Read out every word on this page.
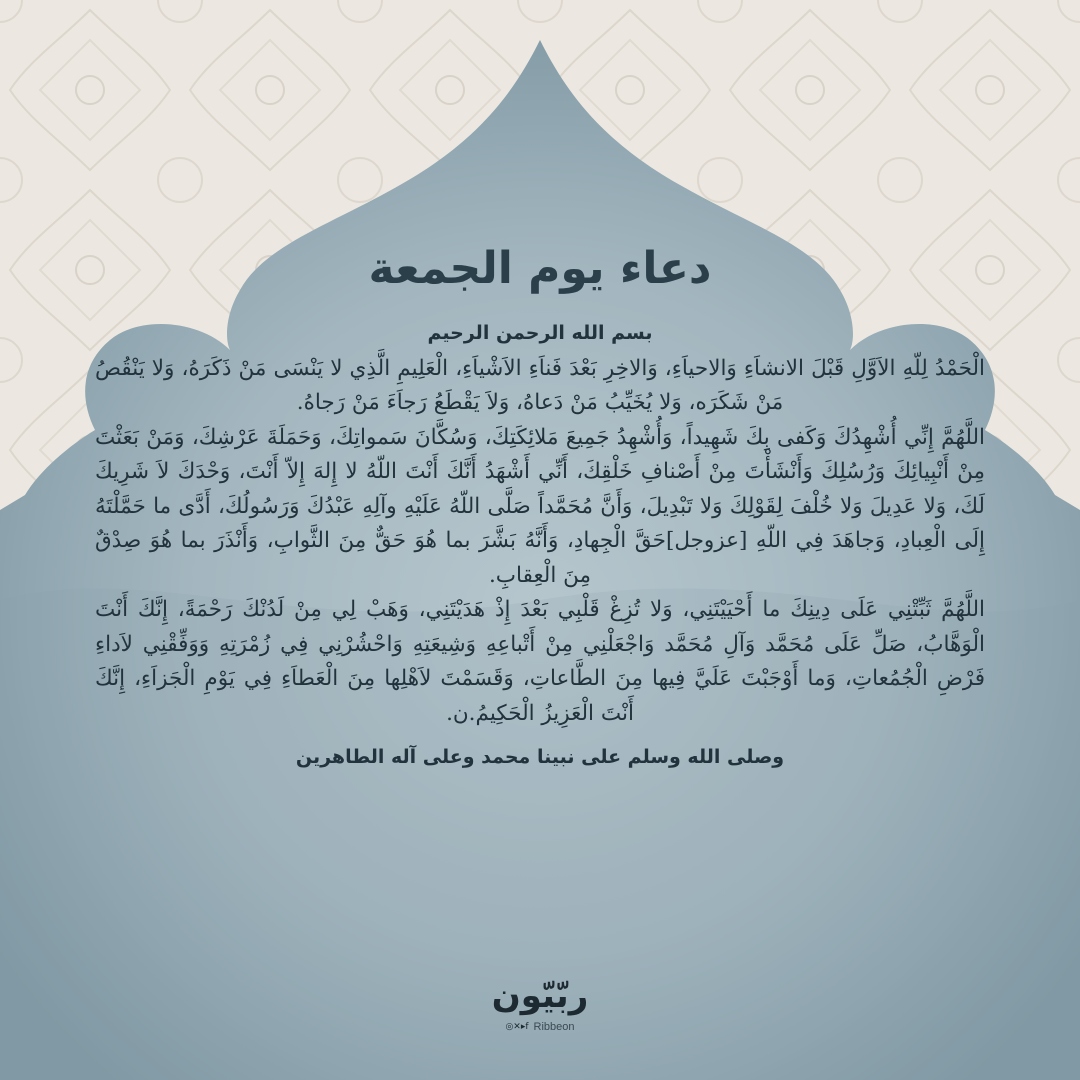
دعاء يوم الجمعة
بسم الله الرحمن الرحيم

الْحَمْدُ لِلّهِ الاَوَّلِ قَبْلَ الانشاَءِ وَالاحياَءِ، وَالاخِرِ بَعْدَ فَناَءِ الاَشْياَءِ، الْعَلِيمِ الَّذِي لا يَنْسَى مَنْ ذَكَرَهُ، وَلا يَنْقُصُ مَنْ شَكَرَه، وَلا يُخَيِّبُ مَنْ دَعاهُ، وَلاَ يَقْطَعُ رَجاَءَ مَنْ رَجاهُ.

اللَّهُمَّ إِنِّي أُشْهِدُكَ وَكَفى بِكَ شَهِيداً، وَأُشْهِدُ جَمِيعَ مَلائِكَتِكَ، وَسُكَّانَ سَمواتِكَ، وَحَمَلَةَ عَرْشِكَ، وَمَنْ بَعَثْتَ مِنْ أَنْبِيائِكَ وَرُسُلِكَ وَأَنْشَأْتَ مِنْ أَصْنافِ خَلْقِكَ، أَنِّي أَشْهَدُ أَنَّكَ أَنْتَ اللّهُ لا إِلهَ إِلاّ أَنْتَ، وَحْدَكَ لاَ شَرِيكَ لَكَ، وَلا عَدِيلَ وَلا خُلْفَ لِقَوْلِكَ وَلا تَبْدِيلَ، وَأَنَّ مُحَمَّداً صَلَّى اللّهُ عَلَيْهِ وآلِهِ عَبْدُكَ وَرَسُولُكَ، أَدَّى ما حَمَّلْتَهُ إِلَى الْعِبادِ، وَجاهَدَ فِي اللّهِ [عزوجل]حَقَّ الْجِهادِ، وَأَنَّهُ بَشَّرَ بما هُوَ حَقٌّ مِنَ الثَّوابِ، وَأَنْذَرَ بما هُوَ صِدْقٌ مِنَ الْعِقابِ.

اللَّهُمَّ ثَبِّتْنِي عَلَى دِينِكَ ما أَحْيَيْتَنِي، وَلا تُزِغْ قَلْبِي بَعْدَ إِذْ هَدَيْتَنِي، وَهَبْ لِي مِنْ لَدُنْكَ رَحْمَةً، إِنَّكَ أَنْتَ الْوَهَّابُ، صَلِّ عَلَى مُحَمَّد وَآلِ مُحَمَّد وَاجْعَلْنِي مِنْ أَتْباعِهِ وَشِيعَتِهِ وَاحْشُرْنِي فِي زُمْرَتِهِ وَوَفِّقْنِي لاَداءِ فَرْضِ الْجُمُعاتِ، وَما أَوْجَبْتَ عَلَيَّ فِيها مِنَ الطَّاعاتِ، وَقَسَمْتَ لاَهْلِها مِنَ الْعَطاَءِ فِي يَوْمِ الْجَزاَءِ، إِنَّكَ أَنْتَ الْعَزِيزُ الْحَكِيمُ.ن.

وصلى الله وسلم على نبينا محمد وعلى آله الطاهرين
ربّيّون
◎✕▸f Ribbeon
